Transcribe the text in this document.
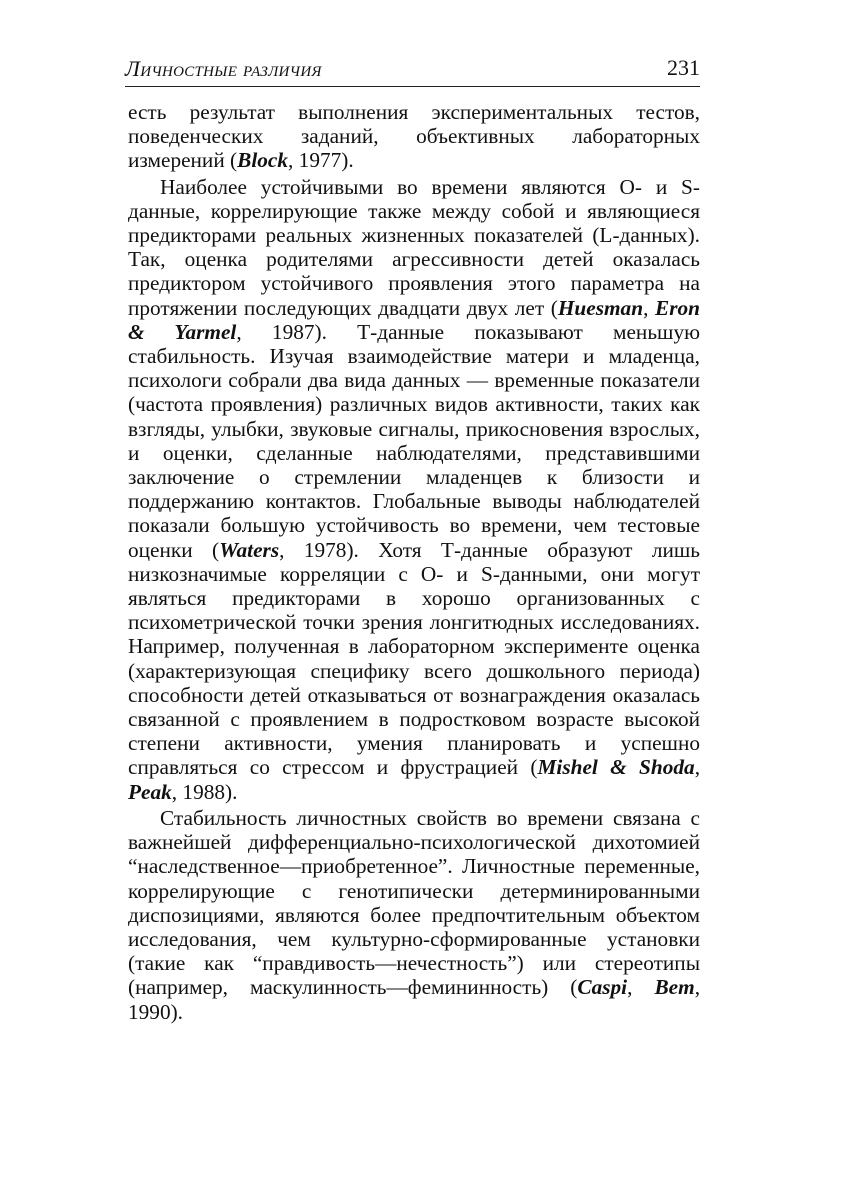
Личностные различия	231

есть результат выполнения экспериментальных тестов, поведенческих заданий, объективных лабораторных измерений (Block, 1977).

Наиболее устойчивыми во времени являются О- и S-данные, коррелирующие также между собой и являющиеся предикторами реальных жизненных показателей (L-данных). Так, оценка родителями агрессивности детей оказалась предиктором устойчивого проявления этого параметра на протяжении последующих двадцати двух лет (Huesman, Eron & Yarmel, 1987). Т-данные показывают меньшую стабильность. Изучая взаимодействие матери и младенца, психологи собрали два вида данных — временные показатели (частота проявления) различных видов активности, таких как взгляды, улыбки, звуковые сигналы, прикосновения взрослых, и оценки, сделанные наблюдателями, представившими заключение о стремлении младенцев к близости и поддержанию контактов. Глобальные выводы наблюдателей показали большую устойчивость во времени, чем тестовые оценки (Waters, 1978). Хотя Т-данные образуют лишь низкозначимые корреляции с О- и S-данными, они могут являться предикторами в хорошо организованных с психометрической точки зрения лонгитюдных исследованиях. Например, полученная в лабораторном эксперименте оценка (характеризующая специфику всего дошкольного периода) способности детей отказываться от вознаграждения оказалась связанной с проявлением в подростковом возрасте высокой степени активности, умения планировать и успешно справляться со стрессом и фрустрацией (Mishel & Shoda, Peak, 1988).

Стабильность личностных свойств во времени связана с важнейшей дифференциально-психологической дихотомией “наследственное—приобретенное”. Личностные переменные, коррелирующие с генотипически детерминированными диспозициями, являются более предпочтительным объектом исследования, чем культурно-сформированные установки (такие как “правдивость—нечестность”) или стереотипы (например, маскулинность—фемининность) (Caspi, Bem, 1990).
